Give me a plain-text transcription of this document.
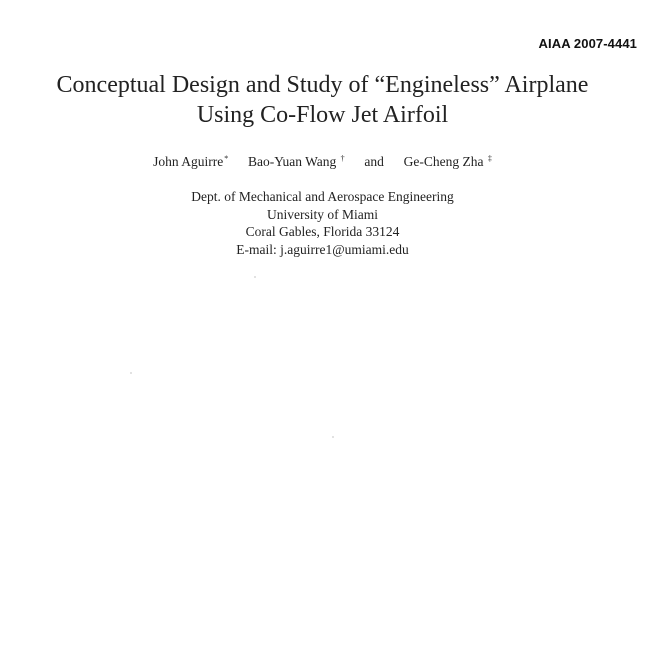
AIAA 2007-4441
Conceptual Design and Study of “Engineless” Airplane
Using Co-Flow Jet Airfoil
John Aguirre* Bao-Yuan Wang † and Ge-Cheng Zha ‡
Dept. of Mechanical and Aerospace Engineering
University of Miami
Coral Gables, Florida 33124
E-mail: j.aguirre1@umiami.edu
